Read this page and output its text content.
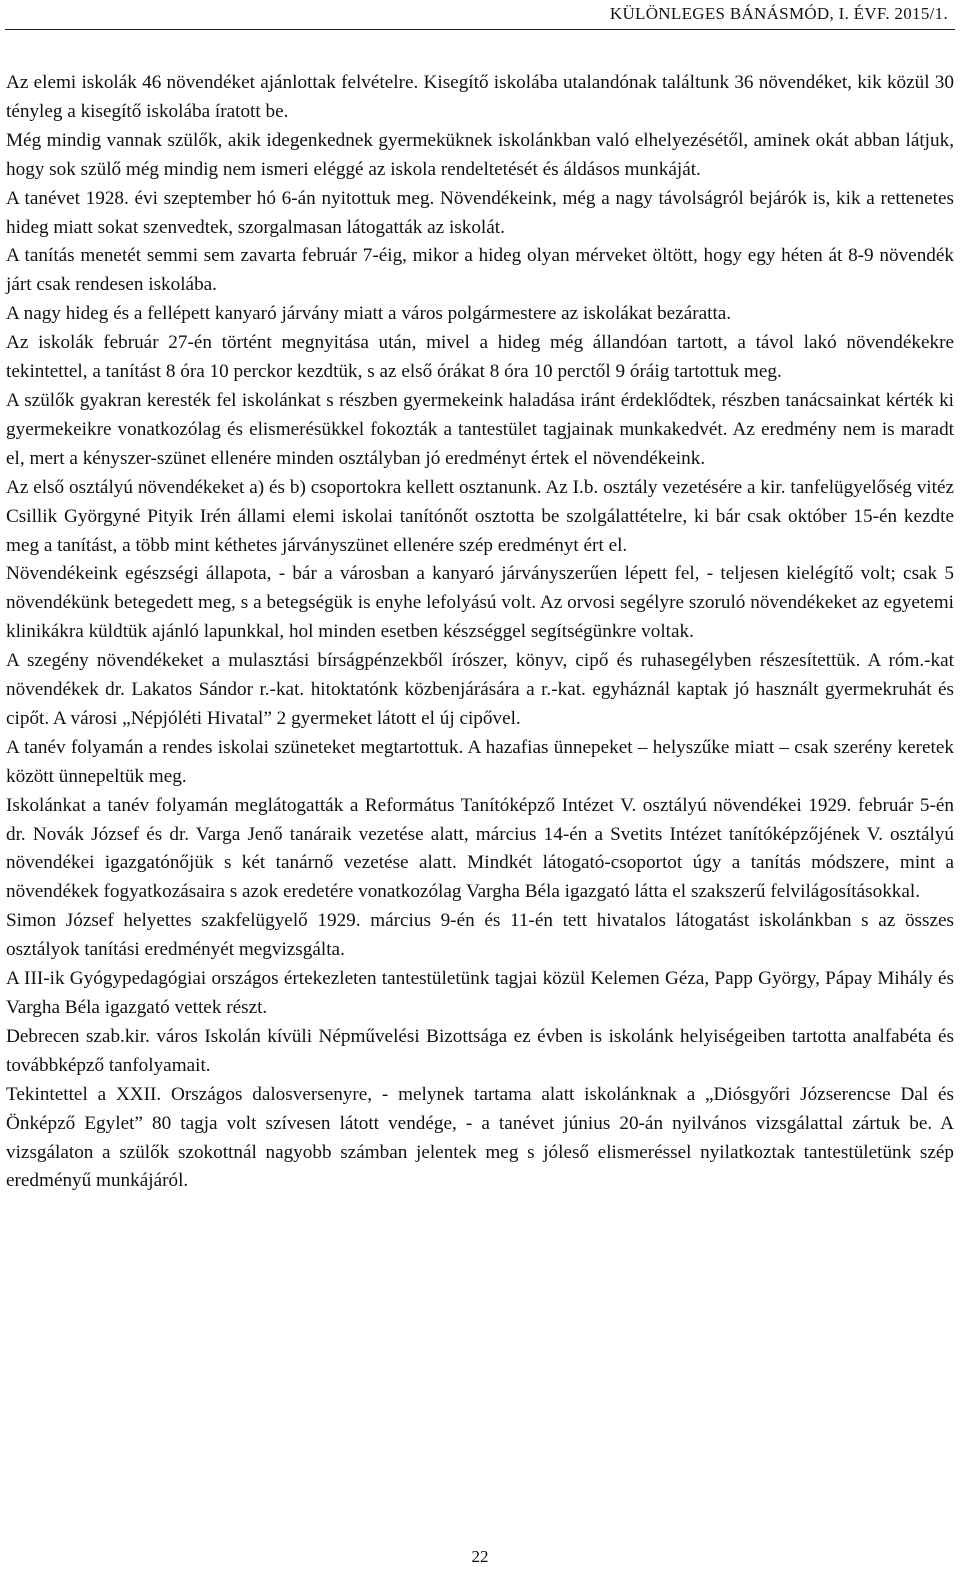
KÜLÖNLEGES BÁNÁSMÓD, I. ÉVF. 2015/1.

Az elemi iskolák 46 növendéket ajánlottak felvételre. Kisegítő iskolába utalandónak találtunk 36 növendéket, kik közül 30 tényleg a kisegítő iskolába íratott be.

Még mindig vannak szülők, akik idegenkednek gyermeküknek iskolánkban való elhelyezésétől, aminek okát abban látjuk, hogy sok szülő még mindig nem ismeri eléggé az iskola rendeltetését és áldásos munkáját.

A tanévet 1928. évi szeptember hó 6-án nyitottuk meg. Növendékeink, még a nagy távolságról bejárók is, kik a rettenetes hideg miatt sokat szenvedtek, szorgalmasan látogatták az iskolát.

A tanítás menetét semmi sem zavarta február 7-éig, mikor a hideg olyan mérveket öltött, hogy egy héten át 8-9 növendék járt csak rendesen iskolába.

A nagy hideg és a fellépett kanyaró járvány miatt a város polgármestere az iskolákat bezáratta.

Az iskolák február 27-én történt megnyitása után, mivel a hideg még állandóan tartott, a távol lakó növendékekre tekintettel, a tanítást 8 óra 10 perckor kezdtük, s az első órákat 8 óra 10 perctől 9 óráig tartottuk meg.

A szülők gyakran keresték fel iskolánkat s részben gyermekeink haladása iránt érdeklődtek, részben tanácsainkat kérték ki gyermekeikre vonatkozólag és elismerésükkel fokozták a tantestület tagjainak munkakedvét. Az eredmény nem is maradt el, mert a kényszer-szünet ellenére minden osztályban jó eredményt értek el növendékeink.

Az első osztályú növendékeket a) és b) csoportokra kellett osztanunk. Az I.b. osztály vezetésére a kir. tanfelügyelőség vitéz Csillik Györgyné Pityik Irén állami elemi iskolai tanítónőt osztotta be szolgálattételre, ki bár csak október 15-én kezdte meg a tanítást, a több mint kéthetes járványszünet ellenére szép eredményt ért el.

Növendékeink egészségi állapota, - bár a városban a kanyaró járványszerűen lépett fel, - teljesen kielégítő volt; csak 5 növendékünk betegedett meg, s a betegségük is enyhe lefolyású volt. Az orvosi segélyre szoruló növendékeket az egyetemi klinikákra küldtük ajánló lapunkkal, hol minden esetben készséggel segítségünkre voltak.

A szegény növendékeket a mulasztási bírságpénzekből írószer, könyv, cipő és ruhasegélyben részesítettük. A róm.-kat növendékek dr. Lakatos Sándor r.-kat. hitoktatónk közbenjárására a r.-kat. egyháznál kaptak jó használt gyermekruhát és cipőt. A városi „Népjóléti Hivatal” 2 gyermeket látott el új cipővel.

A tanév folyamán a rendes iskolai szüneteket megtartottuk. A hazafias ünnepeket – helyszűke miatt – csak szerény keretek között ünnepeltük meg.

Iskolánkat a tanév folyamán meglátogatták a Református Tanítóképző Intézet V. osztályú növendékei 1929. február 5-én dr. Novák József és dr. Varga Jenő tanáraik vezetése alatt, március 14-én a Svetits Intézet tanítóképzőjének V. osztályú növendékei igazgatónőjük s két tanárnő vezetése alatt. Mindkét látogató-csoportot úgy a tanítás módszere, mint a növendékek fogyatkozásaira s azok eredetére vonatkozólag Vargha Béla igazgató látta el szakszerű felvilágosításokkal.

Simon József helyettes szakfelügyelő 1929. március 9-én és 11-én tett hivatalos látogatást iskolánkban s az összes osztályok tanítási eredményét megvizsgálta.

A III-ik Gyógypedagógiai országos értekezleten tantestületünk tagjai közül Kelemen Géza, Papp György, Pápay Mihály és Vargha Béla igazgató vettek részt.

Debrecen szab.kir. város Iskolán kívüli Népművelési Bizottsága ez évben is iskolánk helyiségeiben tartotta analfabéta és továbbképző tanfolyamait.

Tekintettel a XXII. Országos dalosversenyre, - melynek tartama alatt iskolánknak a „Diósgyőri Józserencse Dal és Önképző Egylet” 80 tagja volt szívesen látott vendége, - a tanévet június 20-án nyilvános vizsgálattal zártuk be. A vizsgálaton a szülők szokottnál nagyobb számban jelentek meg s jóleső elismeréssel nyilatkoztak tantestületünk szép eredményű munkájáról.

22
